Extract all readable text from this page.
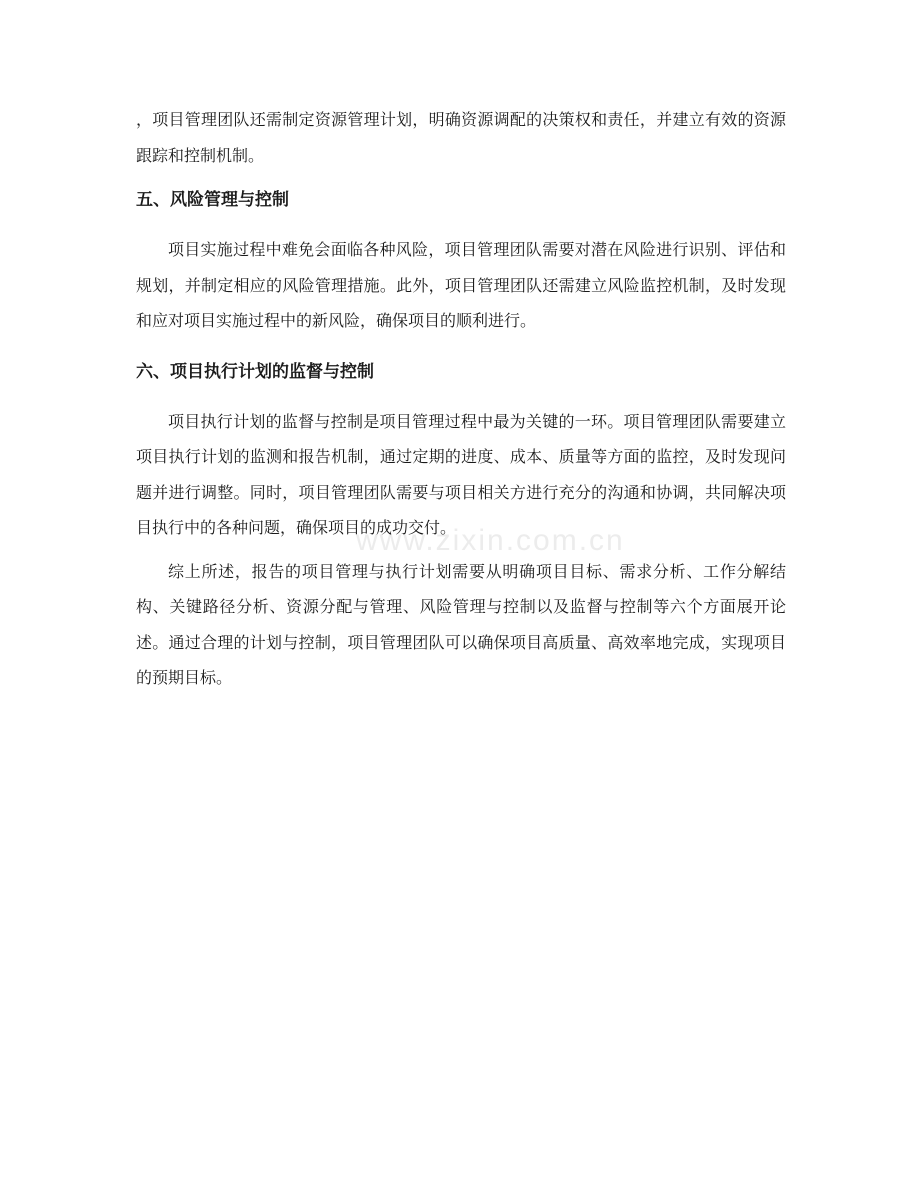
，项目管理团队还需制定资源管理计划，明确资源调配的决策权和责任，并建立有效的资源跟踪和控制机制。

五、风险管理与控制

项目实施过程中难免会面临各种风险，项目管理团队需要对潜在风险进行识别、评估和规划，并制定相应的风险管理措施。此外，项目管理团队还需建立风险监控机制，及时发现和应对项目实施过程中的新风险，确保项目的顺利进行。

六、项目执行计划的监督与控制

项目执行计划的监督与控制是项目管理过程中最为关键的一环。项目管理团队需要建立项目执行计划的监测和报告机制，通过定期的进度、成本、质量等方面的监控，及时发现问题并进行调整。同时，项目管理团队需要与项目相关方进行充分的沟通和协调，共同解决项目执行中的各种问题，确保项目的成功交付。

综上所述，报告的项目管理与执行计划需要从明确项目目标、需求分析、工作分解结构、关键路径分析、资源分配与管理、风险管理与控制以及监督与控制等六个方面展开论述。通过合理的计划与控制，项目管理团队可以确保项目高质量、高效率地完成，实现项目的预期目标。

www.zixin.com.cn
